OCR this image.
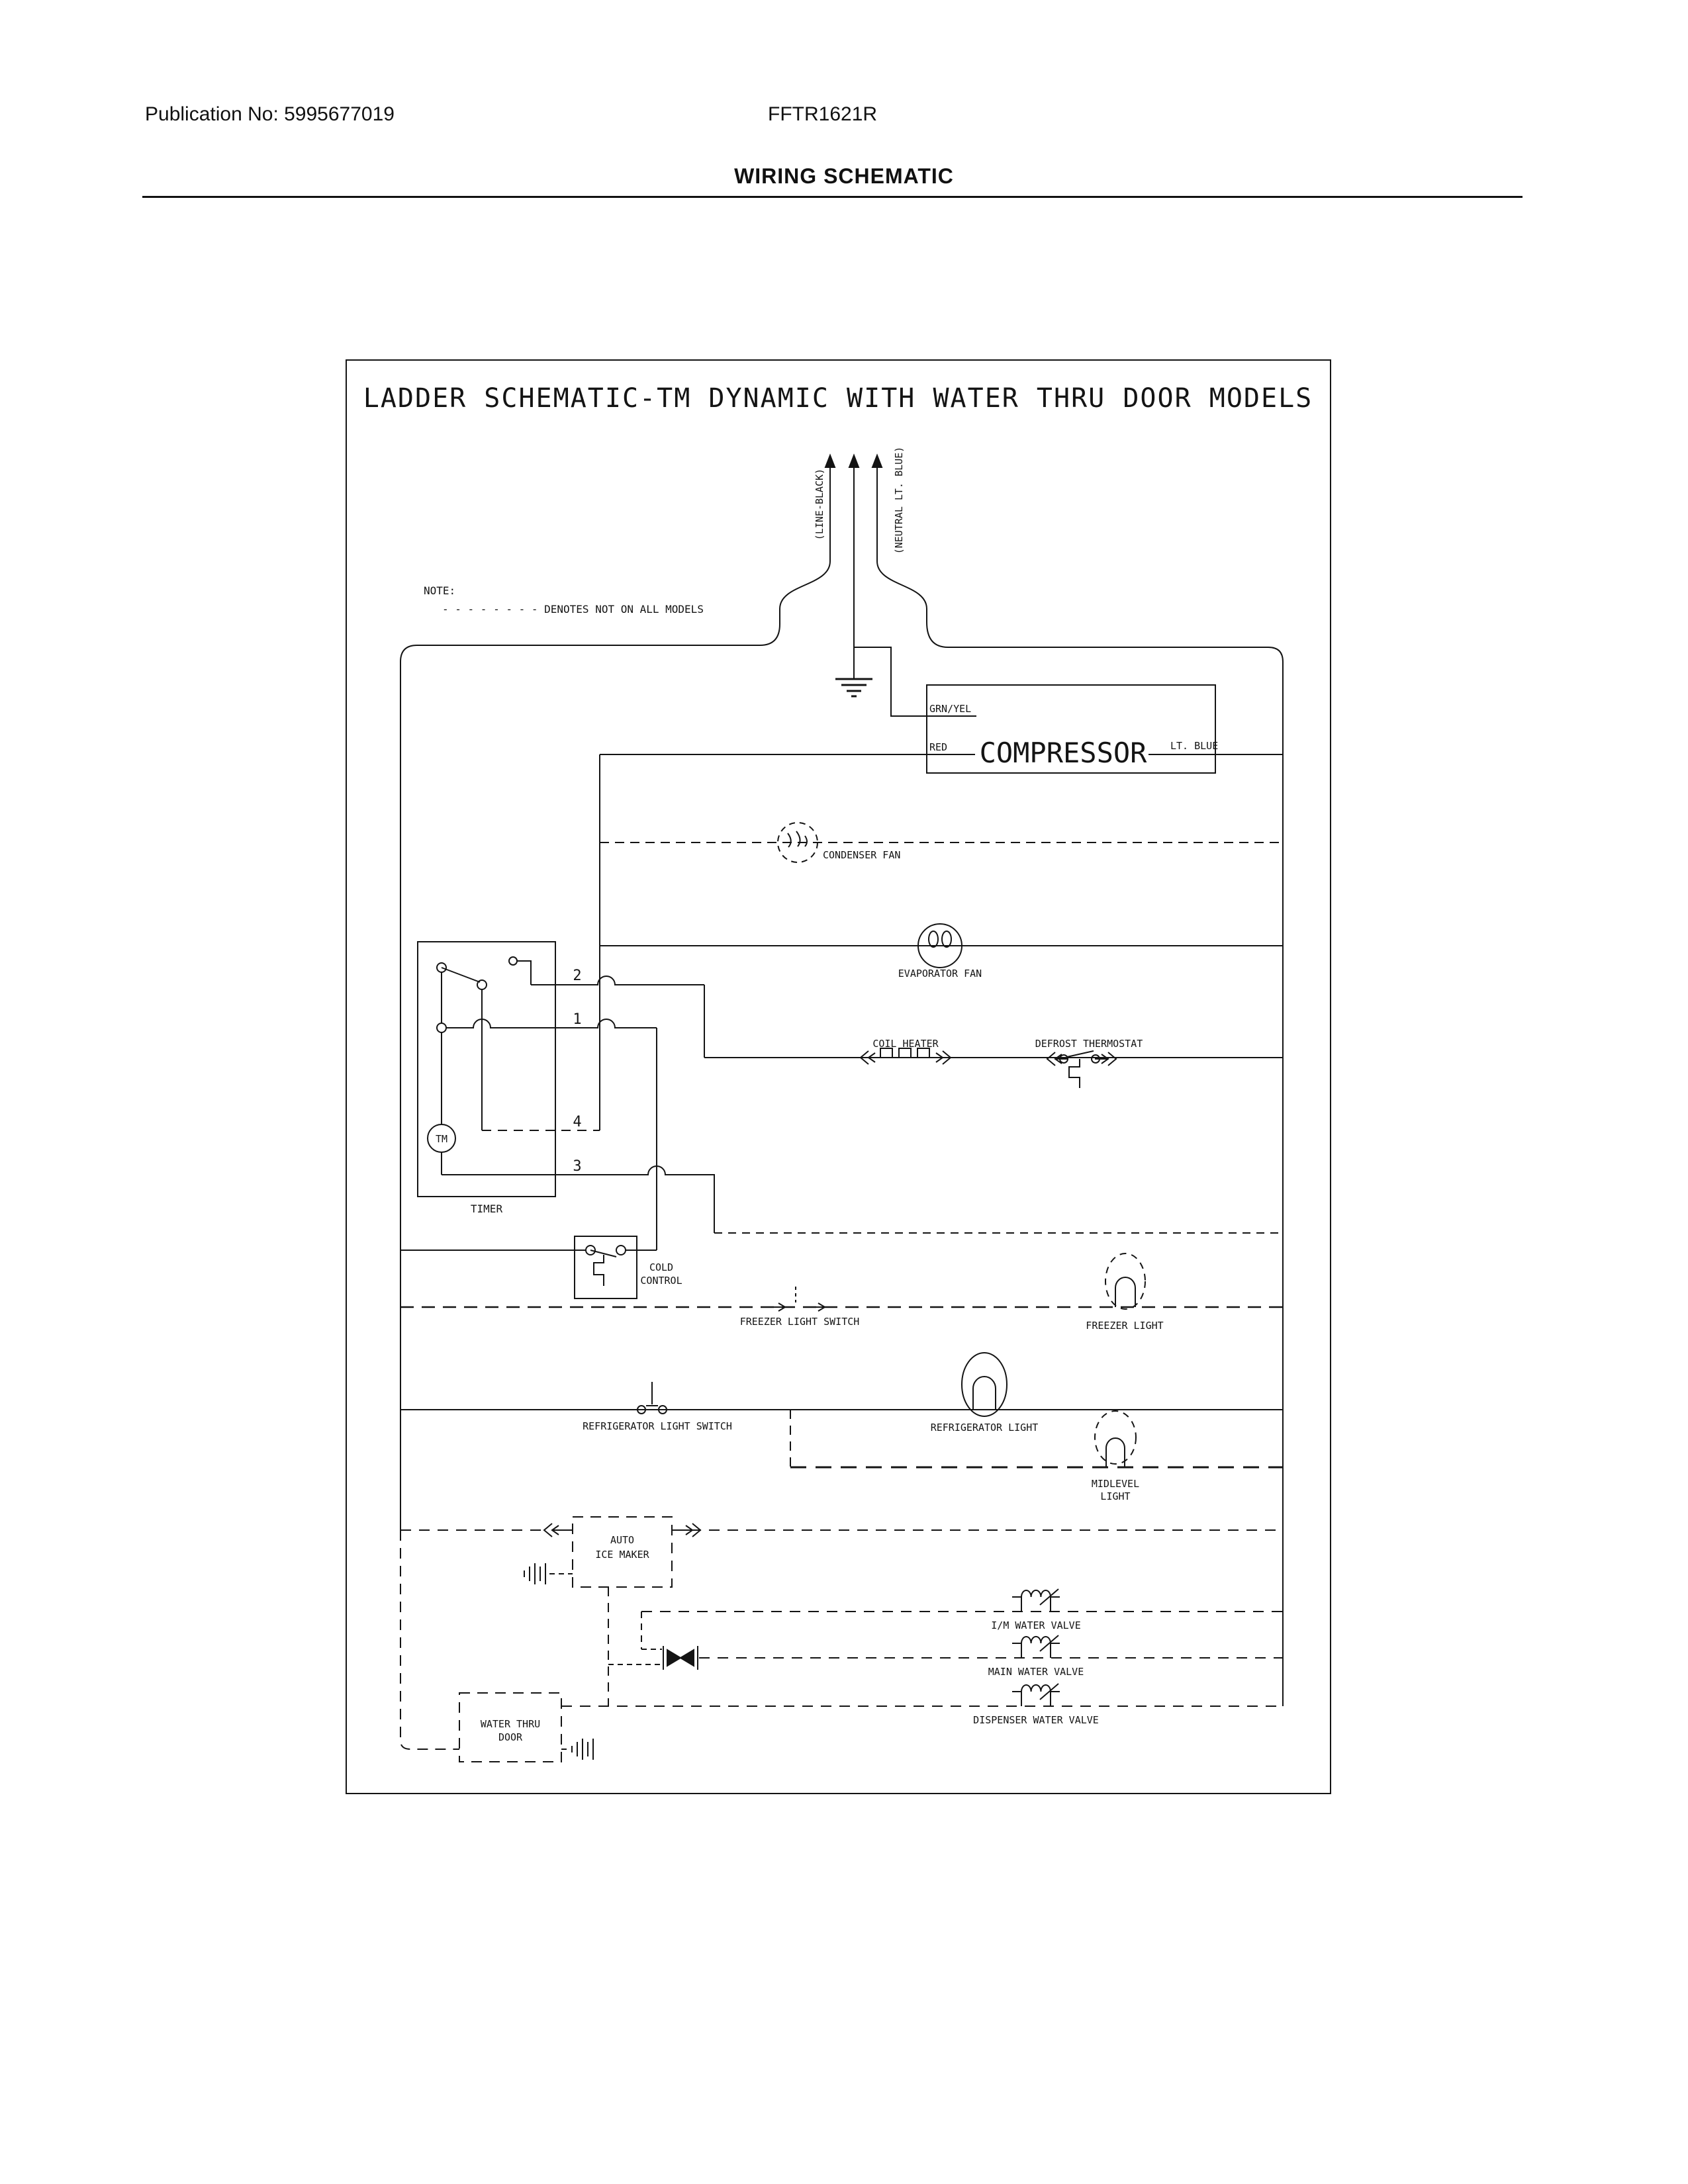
Publication No: 5995677019	FFTR1621R
WIRING SCHEMATIC
LADDER SCHEMATIC-TM DYNAMIC WITH WATER THRU DOOR MODELS
NOTE:
- - - - - - - - DENOTES NOT ON ALL MODELS
(LINE-BLACK)	(NEUTRAL LT. BLUE)
GRN/YEL
RED	LT. BLUE
COMPRESSOR
CONDENSER FAN
EVAPORATOR FAN
COIL HEATER	DEFROST THERMOSTAT
TM
2
1
4
3
TIMER
COLD
CONTROL
FREEZER LIGHT SWITCH	FREEZER LIGHT
REFRIGERATOR LIGHT SWITCH	REFRIGERATOR LIGHT
MIDLEVEL
LIGHT
AUTO
ICE MAKER
I/M WATER VALVE
MAIN WATER VALVE
DISPENSER WATER VALVE
WATER THRU
DOOR
